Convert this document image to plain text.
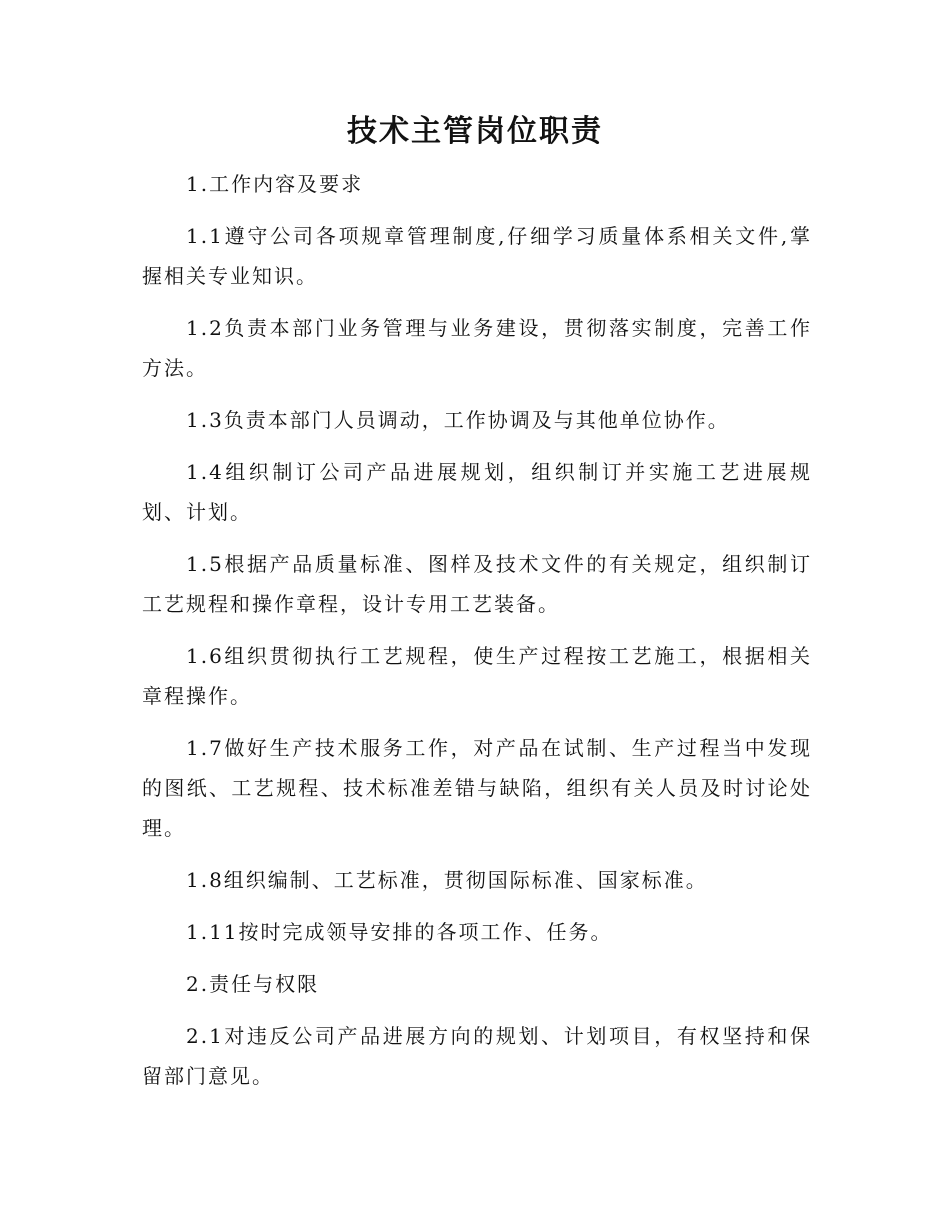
技术主管岗位职责

1.工作内容及要求

1.1遵守公司各项规章管理制度,仔细学习质量体系相关文件,掌握相关专业知识。

1.2负责本部门业务管理与业务建设，贯彻落实制度，完善工作方法。

1.3负责本部门人员调动，工作协调及与其他单位协作。

1.4组织制订公司产品进展规划，组织制订并实施工艺进展规划、计划。

1.5根据产品质量标准、图样及技术文件的有关规定，组织制订工艺规程和操作章程，设计专用工艺装备。

1.6组织贯彻执行工艺规程，使生产过程按工艺施工，根据相关章程操作。

1.7做好生产技术服务工作，对产品在试制、生产过程当中发现的图纸、工艺规程、技术标准差错与缺陷，组织有关人员及时讨论处理。

1.8组织编制、工艺标准，贯彻国际标准、国家标准。

1.11按时完成领导安排的各项工作、任务。

2.责任与权限

2.1对违反公司产品进展方向的规划、计划项目，有权坚持和保留部门意见。
